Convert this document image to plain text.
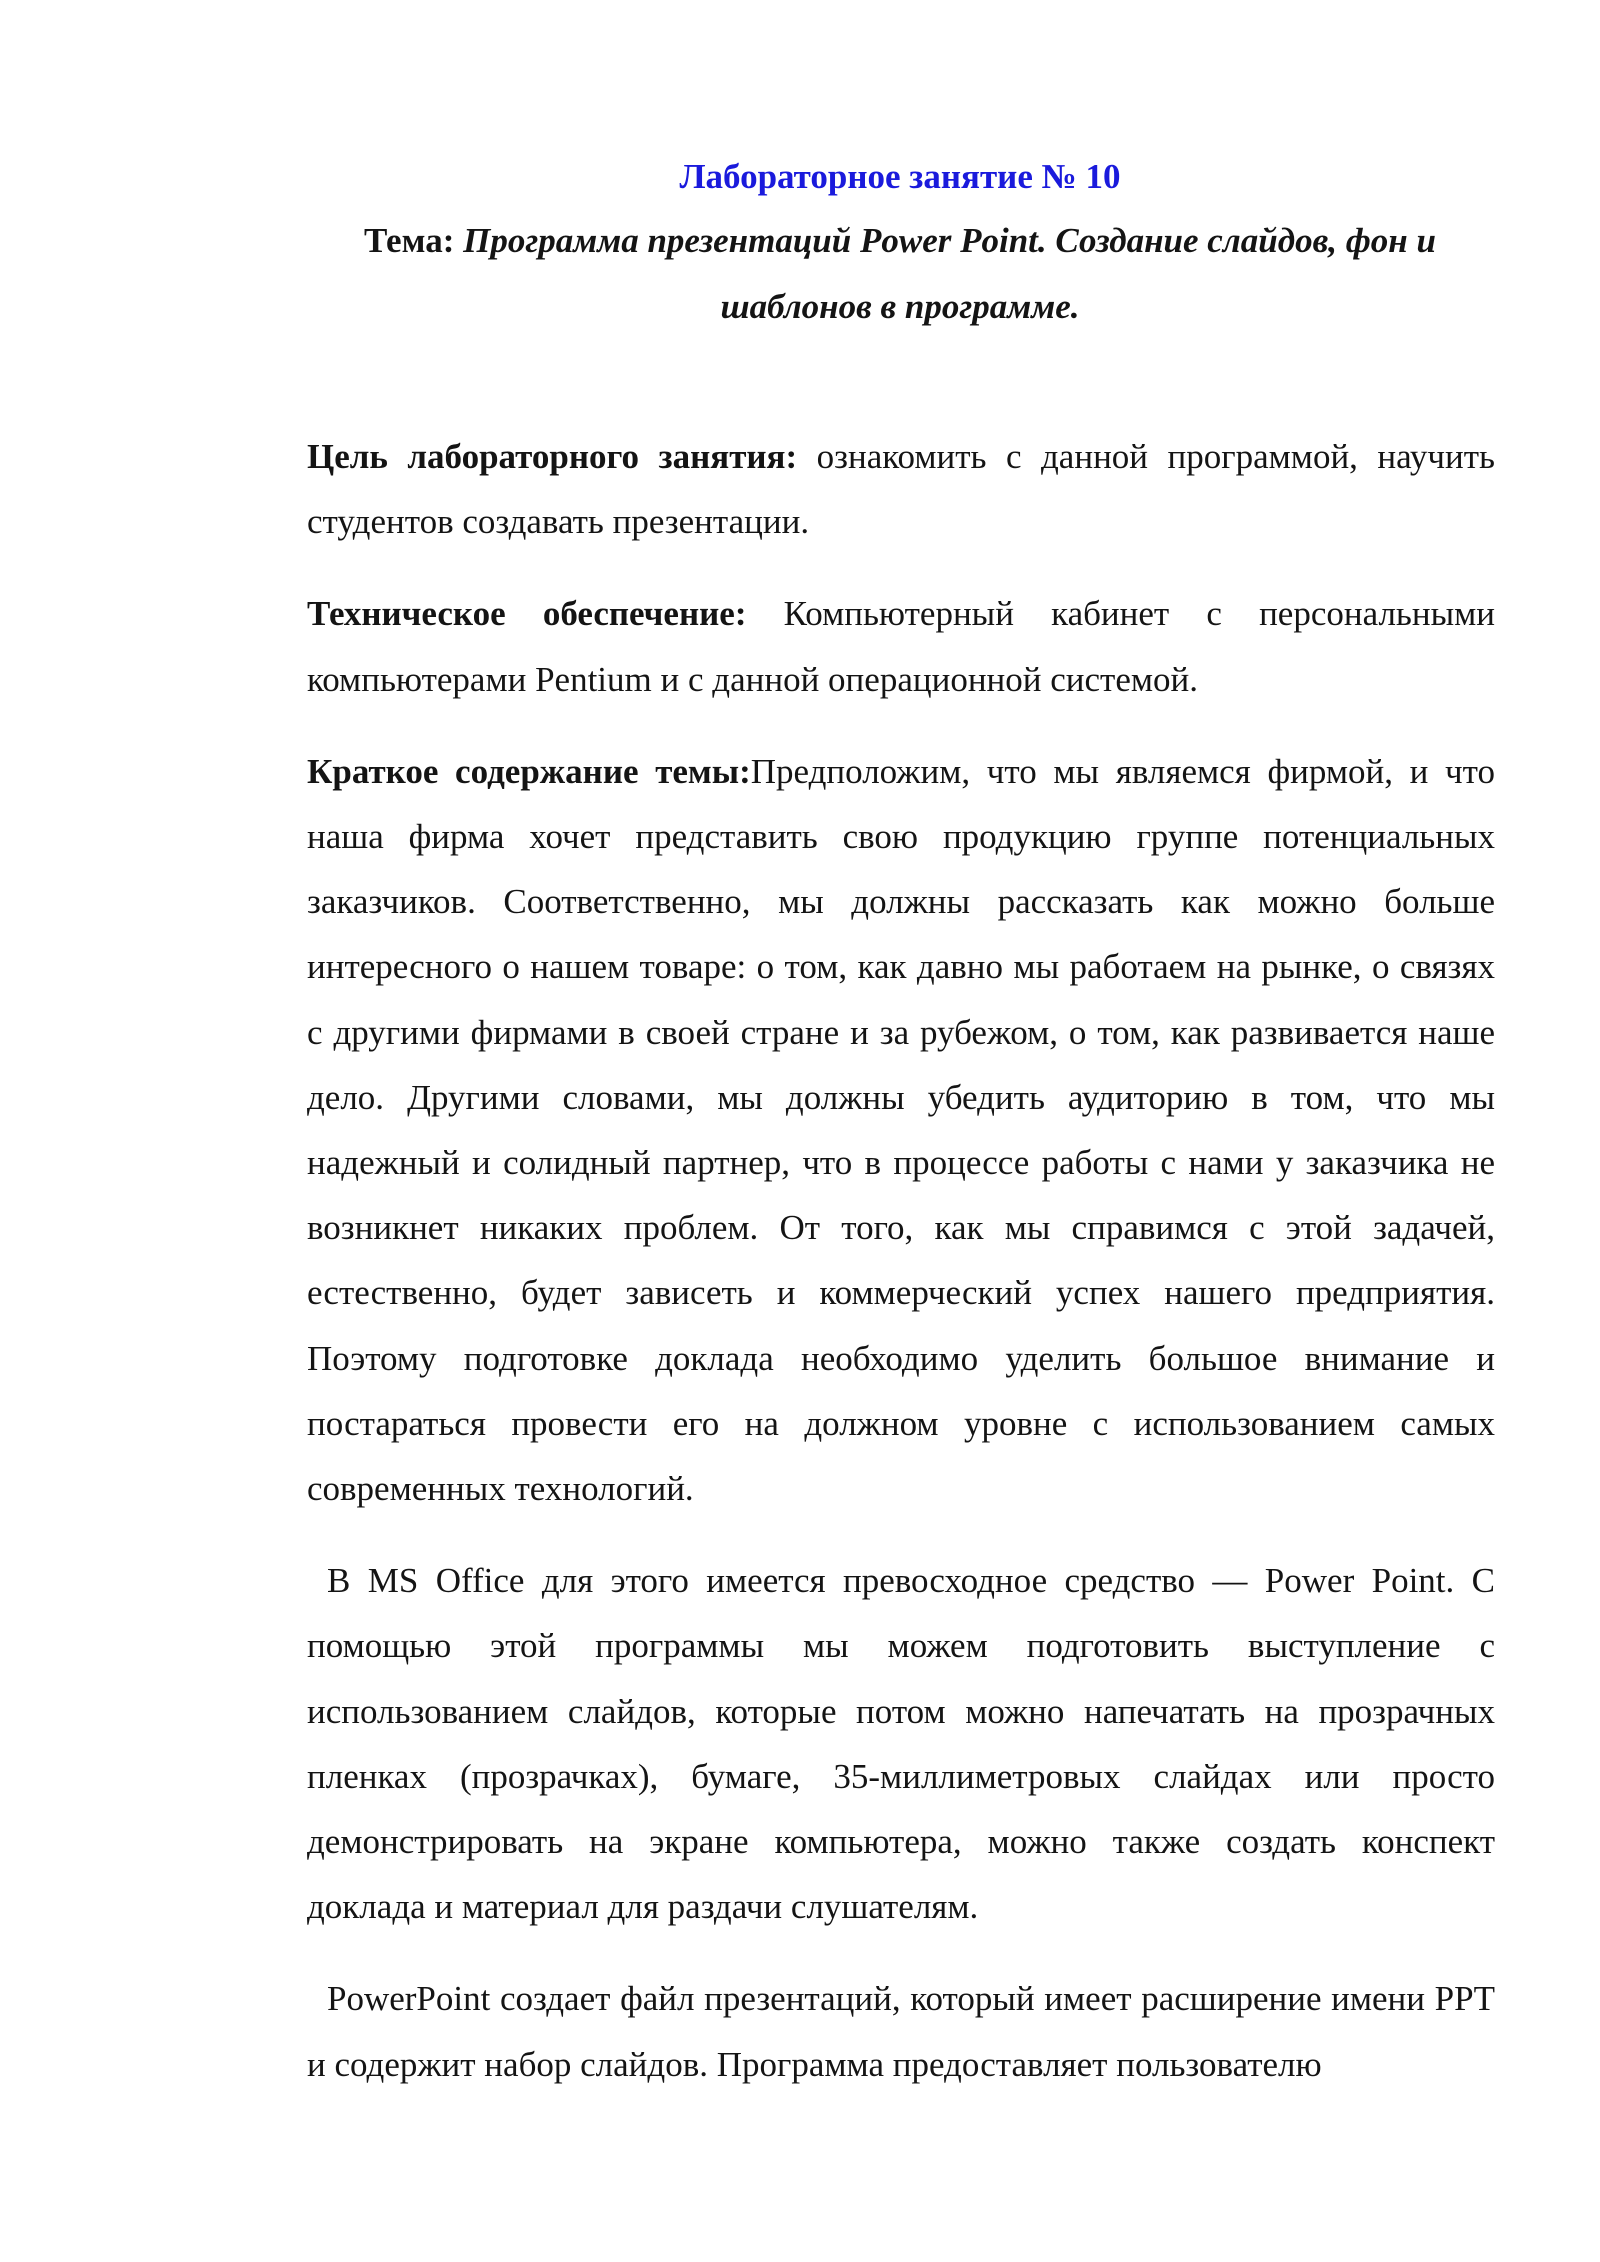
Лабораторное занятие № 10

Тема: Программа презентаций Power Point. Создание слайдов, фон и шаблонов в программе.

Цель лабораторного занятия: ознакомить с данной программой, научить студентов создавать презентации.

Техническое обеспечение: Компьютерный кабинет с персональными компьютерами Pentium и с данной операционной системой.

Краткое содержание темы:Предположим, что мы являемся фирмой, и что наша фирма хочет представить свою продукцию группе потенциальных заказчиков. Соответственно, мы должны рассказать как можно больше интересного о нашем товаре: о том, как давно мы работаем на рынке, о связях с другими фирмами в своей стране и за рубежом, о том, как развивается наше дело. Другими словами, мы должны убедить аудиторию в том, что мы надежный и солидный партнер, что в процессе работы с нами у заказчика не возникнет никаких проблем. От того, как мы справимся с этой задачей, естественно, будет зависеть и коммерческий успех нашего предприятия. Поэтому подготовке доклада необходимо уделить большое внимание и постараться провести его на должном уровне с использованием самых современных технологий.

В MS Office для этого имеется превосходное средство — Power Point. С помощью этой программы мы можем подготовить выступление с использованием слайдов, которые потом можно напечатать на прозрачных пленках (прозрачках), бумаге, 35-миллиметровых слайдах или просто демонстрировать на экране компьютера, можно также создать конспект доклада и материал для раздачи слушателям.

PowerPoint создает файл презентаций, который имеет расширение имени PPT и содержит набор слайдов. Программа предоставляет пользователю
